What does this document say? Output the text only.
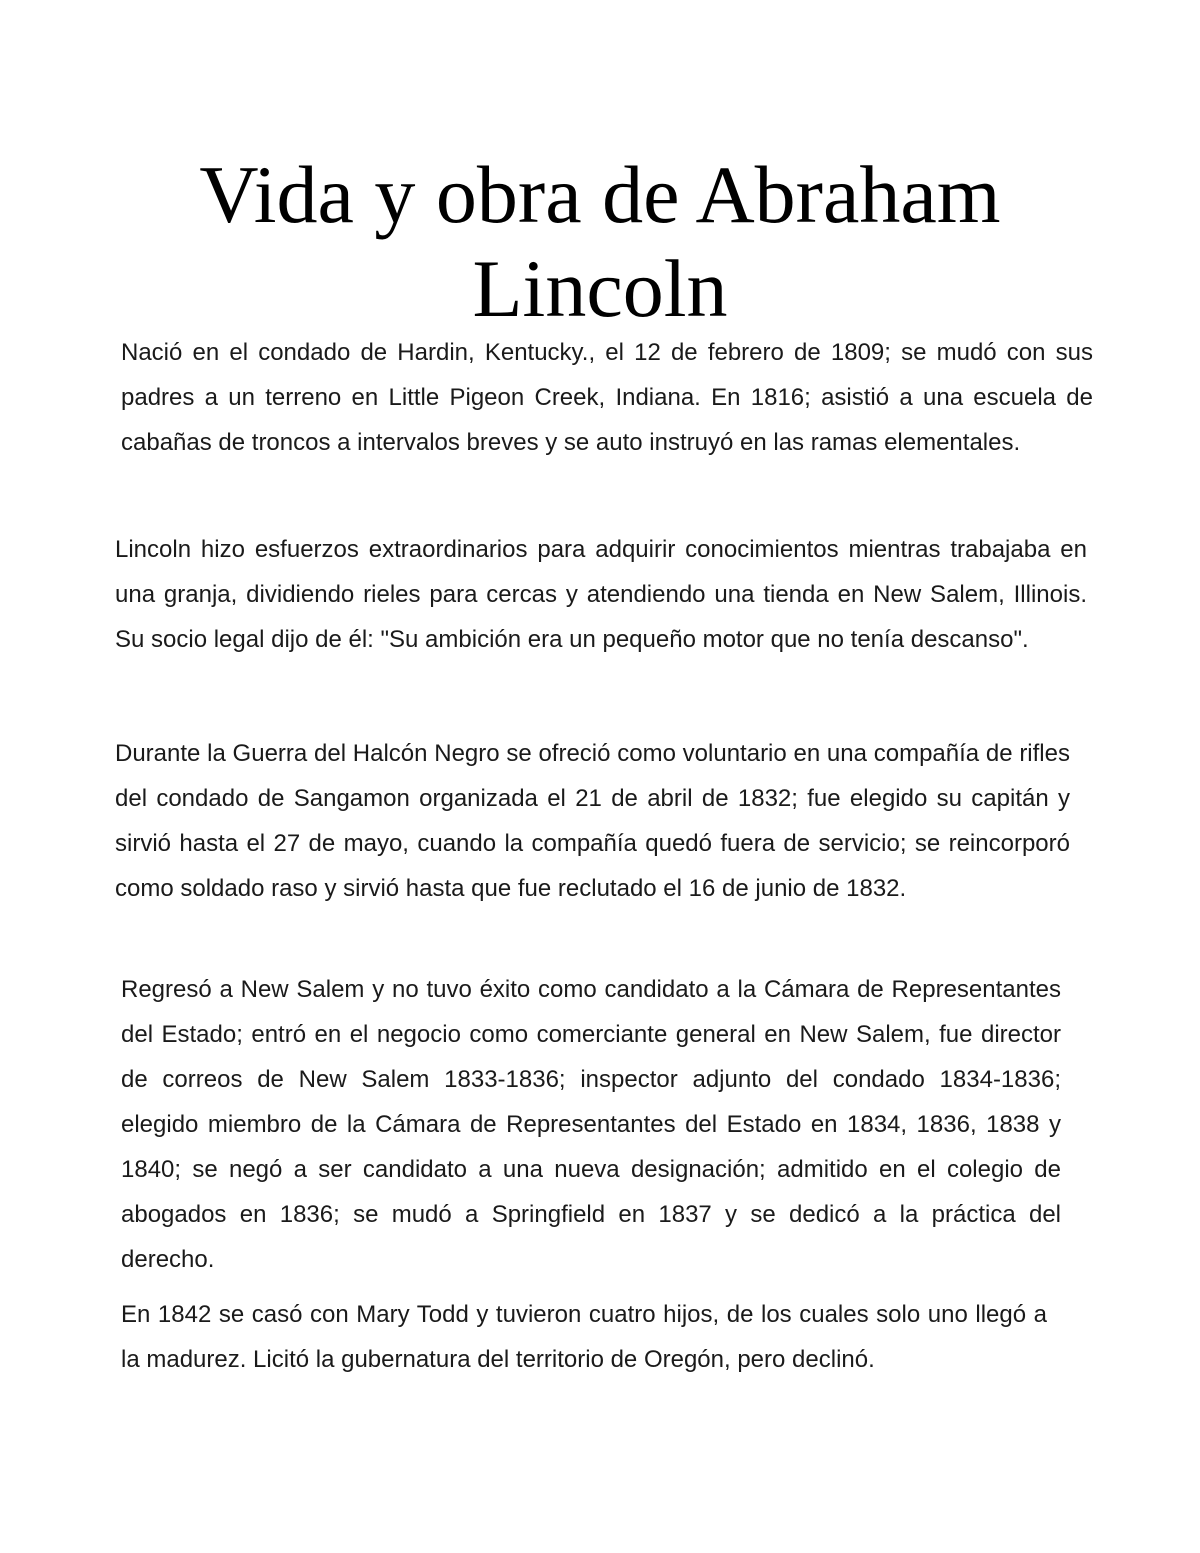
Vida y obra de Abraham Lincoln

Nació en el condado de Hardin, Kentucky., el 12 de febrero de 1809; se mudó con sus padres a un terreno en Little Pigeon Creek, Indiana. En 1816; asistió a una escuela de cabañas de troncos a intervalos breves y se auto instruyó en las ramas elementales.

Lincoln hizo esfuerzos extraordinarios para adquirir conocimientos mientras trabajaba en una granja, dividiendo rieles para cercas y atendiendo una tienda en New Salem, Illinois. Su socio legal dijo de él: "Su ambición era un pequeño motor que no tenía descanso".

Durante la Guerra del Halcón Negro se ofreció como voluntario en una compañía de rifles del condado de Sangamon organizada el 21 de abril de 1832; fue elegido su capitán y sirvió hasta el 27 de mayo, cuando la compañía quedó fuera de servicio; se reincorporó como soldado raso y sirvió hasta que fue reclutado el 16 de junio de 1832.

Regresó a New Salem y no tuvo éxito como candidato a la Cámara de Representantes del Estado; entró en el negocio como comerciante general en New Salem, fue director de correos de New Salem 1833-1836; inspector adjunto del condado 1834-1836; elegido miembro de la Cámara de Representantes del Estado en 1834, 1836, 1838 y 1840; se negó a ser candidato a una nueva designación; admitido en el colegio de abogados en 1836; se mudó a Springfield en 1837 y se dedicó a la práctica del derecho.

En 1842 se casó con Mary Todd y tuvieron cuatro hijos, de los cuales solo uno llegó a la madurez. Licitó la gubernatura del territorio de Oregón, pero declinó.
